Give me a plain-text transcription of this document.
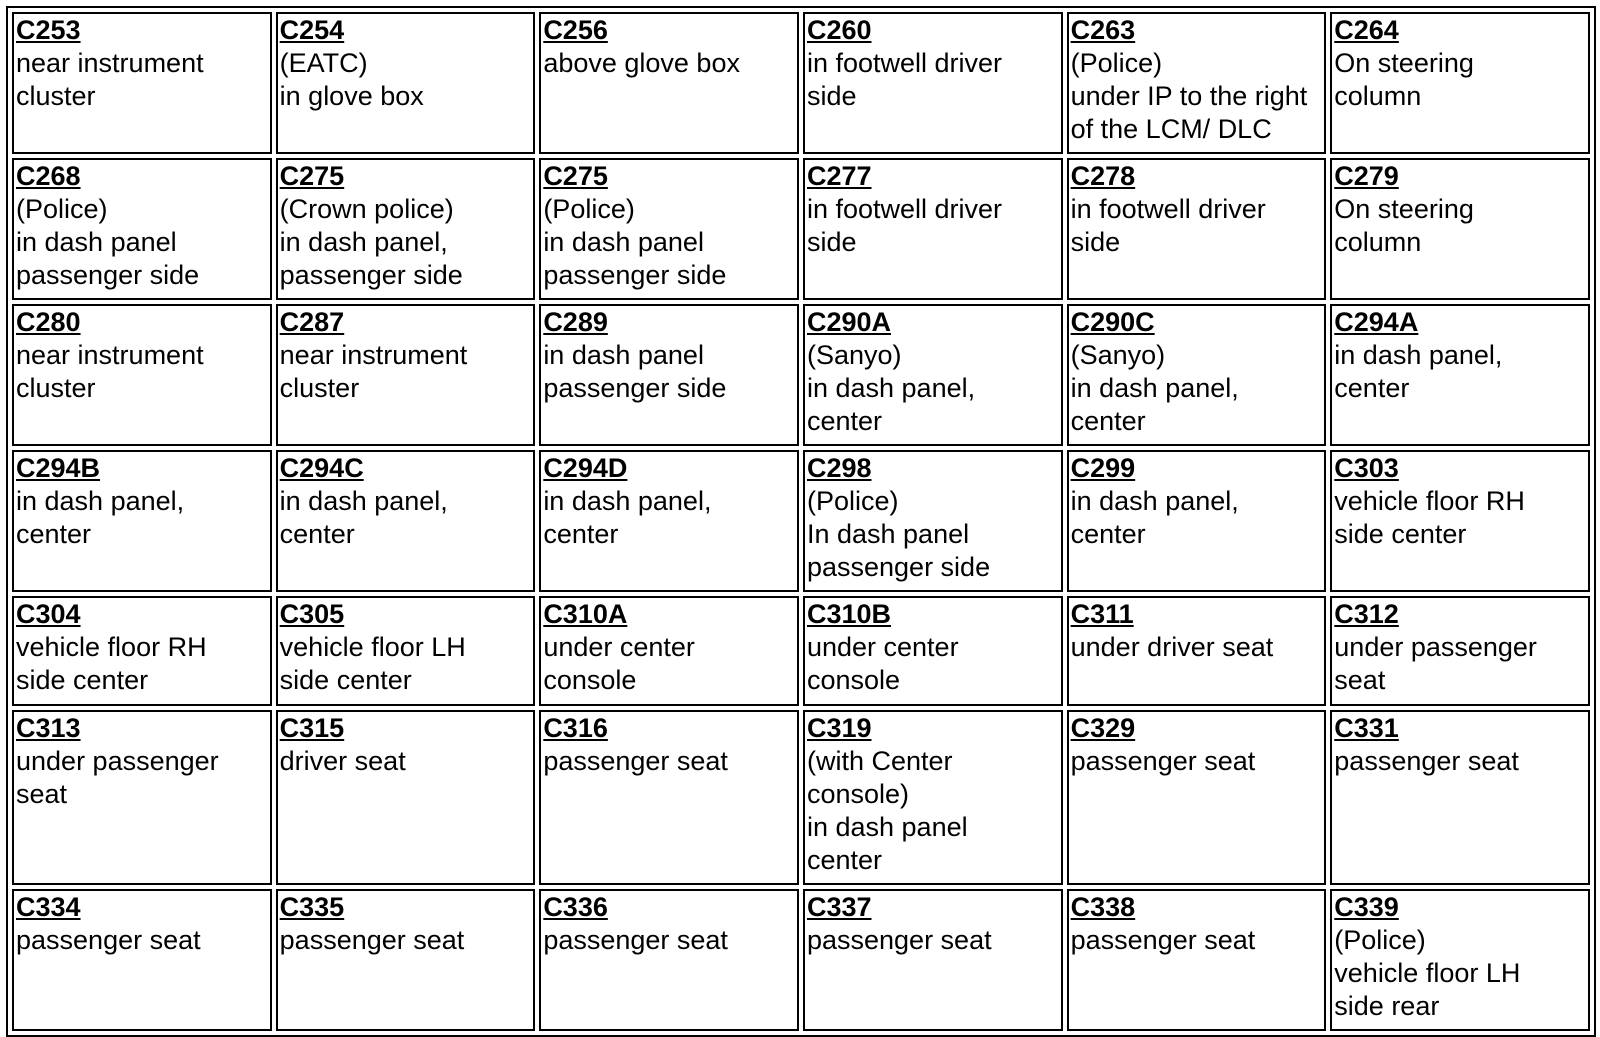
C253
near instrument
cluster	C254
(EATC)
in glove box	C256
above glove box	C260
in footwell driver
side	C263
(Police)
under IP to the right
of the LCM/ DLC	C264
On steering
column

C268
(Police)
in dash panel
passenger side	C275
(Crown police)
in dash panel,
passenger side	C275
(Police)
in dash panel
passenger side	C277
in footwell driver
side	C278
in footwell driver
side	C279
On steering
column

C280
near instrument
cluster	C287
near instrument
cluster	C289
in dash panel
passenger side	C290A
(Sanyo)
in dash panel,
center	C290C
(Sanyo)
in dash panel,
center	C294A
in dash panel,
center

C294B
in dash panel,
center	C294C
in dash panel,
center	C294D
in dash panel,
center	C298
(Police)
In dash panel
passenger side	C299
in dash panel,
center	C303
vehicle floor RH
side center

C304
vehicle floor RH
side center	C305
vehicle floor LH
side center	C310A
under center
console	C310B
under center
console	C311
under driver seat	C312
under passenger
seat

C313
under passenger
seat	C315
driver seat	C316
passenger seat	C319
(with Center
console)
in dash panel
center	C329
passenger seat	C331
passenger seat

C334
passenger seat	C335
passenger seat	C336
passenger seat	C337
passenger seat	C338
passenger seat	C339
(Police)
vehicle floor LH
side rear
